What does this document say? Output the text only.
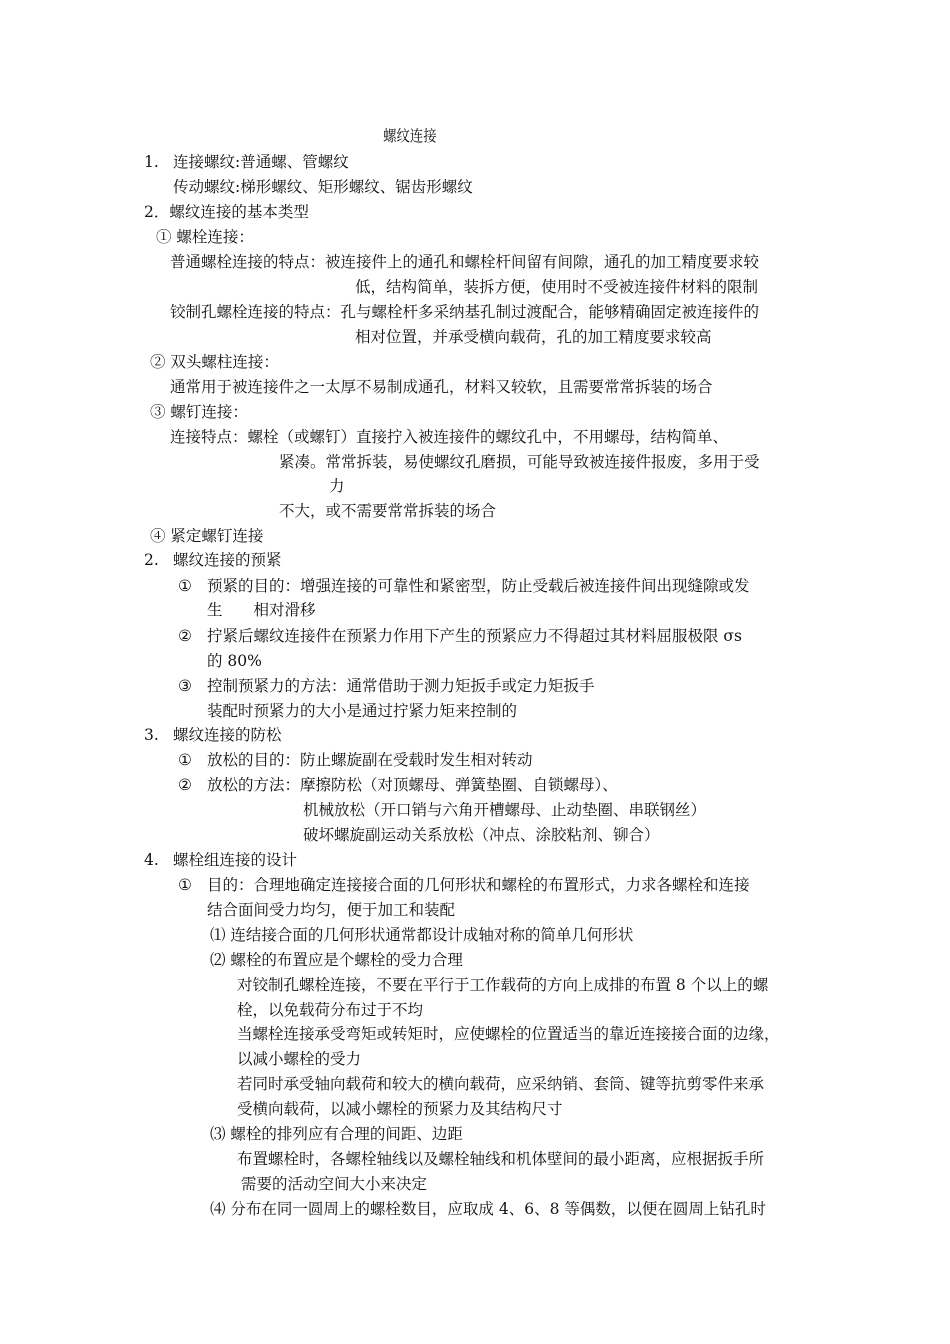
螺纹连接
1. 连接螺纹:普通螺、管螺纹
传动螺纹:梯形螺纹、矩形螺纹、锯齿形螺纹
2．螺纹连接的基本类型
① 螺栓连接：
普通螺栓连接的特点：被连接件上的通孔和螺栓杆间留有间隙，通孔的加工精度要求较
低，结构简单，装拆方便，使用时不受被连接件材料的限制
铰制孔螺栓连接的特点：孔与螺栓杆多采纳基孔制过渡配合，能够精确固定被连接件的
相对位置，并承受横向载荷，孔的加工精度要求较高
② 双头螺柱连接：
通常用于被连接件之一太厚不易制成通孔，材料又较软，且需要常常拆装的场合
③ 螺钉连接：
连接特点：螺栓（或螺钉）直接拧入被连接件的螺纹孔中，不用螺母，结构简单、
紧凑。常常拆装，易使螺纹孔磨损，可能导致被连接件报废，多用于受
力
不大，或不需要常常拆装的场合
④ 紧定螺钉连接
2. 螺纹连接的预紧
① 预紧的目的：增强连接的可靠性和紧密型，防止受载后被连接件间出现缝隙或发
生　　相对滑移
② 拧紧后螺纹连接件在预紧力作用下产生的预紧应力不得超过其材料屈服极限 σs
的 80%
③ 控制预紧力的方法：通常借助于测力矩扳手或定力矩扳手
装配时预紧力的大小是通过拧紧力矩来控制的
3. 螺纹连接的防松
① 放松的目的：防止螺旋副在受载时发生相对转动
② 放松的方法：摩擦防松（对顶螺母、弹簧垫圈、自锁螺母）、
机械放松（开口销与六角开槽螺母、止动垫圈、串联钢丝）
破坏螺旋副运动关系放松（冲点、涂胶粘剂、铆合）
4. 螺栓组连接的设计
① 目的：合理地确定连接接合面的几何形状和螺栓的布置形式，力求各螺栓和连接
结合面间受力均匀，便于加工和装配
⑴ 连结接合面的几何形状通常都设计成轴对称的简单几何形状
⑵ 螺栓的布置应是个螺栓的受力合理
对铰制孔螺栓连接，不要在平行于工作载荷的方向上成排的布置 8 个以上的螺
栓，以免载荷分布过于不均
当螺栓连接承受弯矩或转矩时，应使螺栓的位置适当的靠近连接接合面的边缘，
以减小螺栓的受力
若同时承受轴向载荷和较大的横向载荷，应采纳销、套筒、键等抗剪零件来承
受横向载荷，以减小螺栓的预紧力及其结构尺寸
⑶ 螺栓的排列应有合理的间距、边距
布置螺栓时，各螺栓轴线以及螺栓轴线和机体壁间的最小距离，应根据扳手所
需要的活动空间大小来决定
⑷ 分布在同一圆周上的螺栓数目，应取成 4、6、8 等偶数，以便在圆周上钻孔时
